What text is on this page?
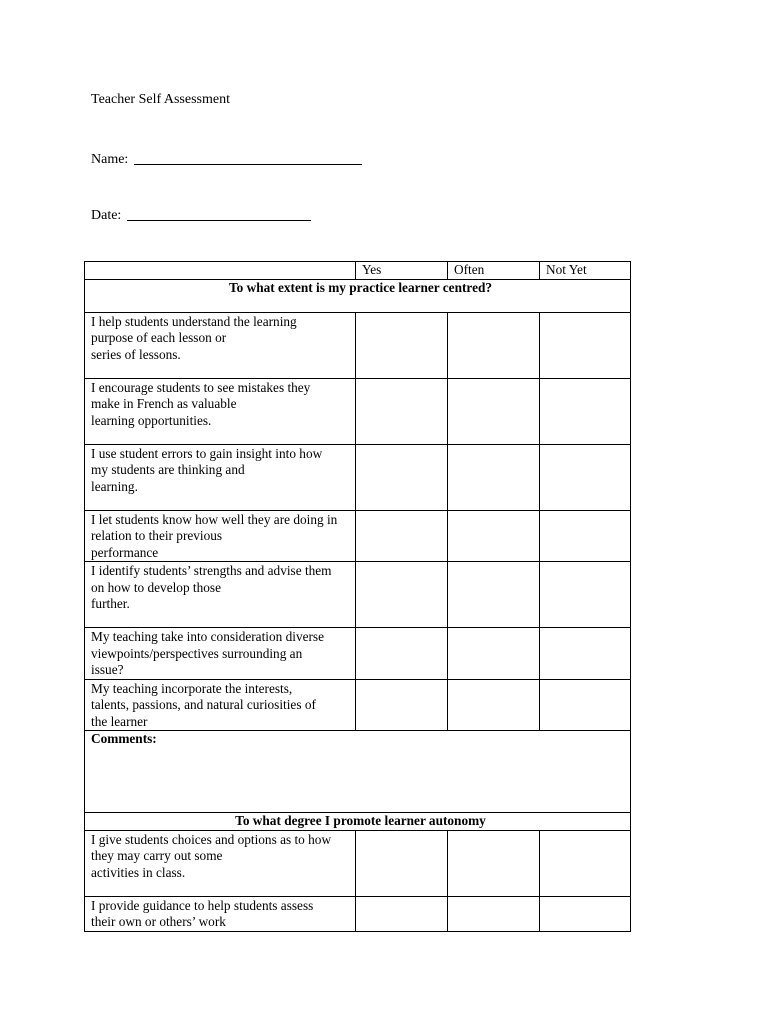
Teacher Self Assessment
Name:
Date:
	Yes	Often	Not Yet
To what extent is my practice learner centred?			

I help students understand the learning
purpose of each lesson or
series of lessons.			

I encourage students to see mistakes they
make in French as valuable
learning opportunities.			

I use student errors to gain insight into how
my students are thinking and
learning.			

I let students know how well they are doing in
relation to their previous
performance			

I identify students’ strengths and advise them
on how to develop those
further.			

My teaching take into consideration diverse
viewpoints/perspectives surrounding an
issue?			

My teaching incorporate the interests,
talents, passions, and natural curiosities of
the learner			

Comments:			
To what degree I promote learner autonomy			

I give students choices and options as to how
they may carry out some
activities in class.			

I provide guidance to help students assess
their own or others’ work			
